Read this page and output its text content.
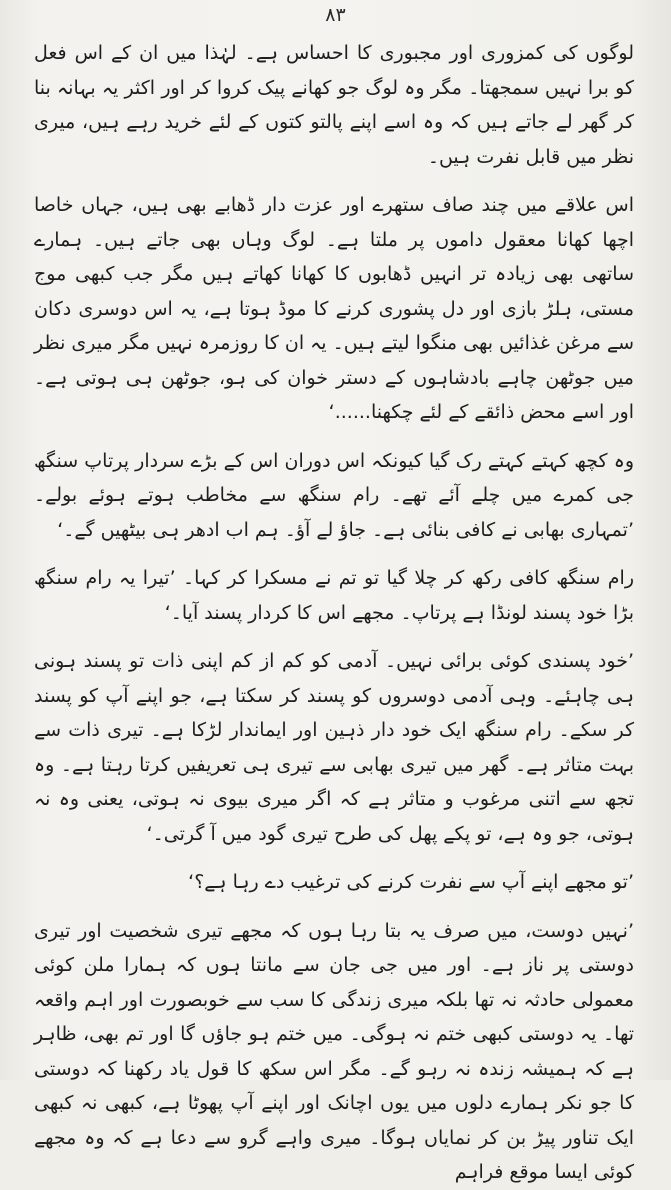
۸۳

لوگوں کی کمزوری اور مجبوری کا احساس ہے۔ لہٰذا میں ان کے اس فعل کو برا نہیں سمجھتا۔ مگر وہ لوگ جو کھانے پیک کروا کر اور اکثر یہ بہانہ بنا کر گھر لے جاتے ہیں کہ وہ اسے اپنے پالتو کتوں کے لئے خرید رہے ہیں، میری نظر میں قابل نفرت ہیں۔

اس علاقے میں چند صاف ستھرے اور عزت دار ڈھابے بھی ہیں، جہاں خاصا اچھا کھانا معقول داموں پر ملتا ہے۔ لوگ وہاں بھی جاتے ہیں۔ ہمارے ساتھی بھی زیادہ تر انہیں ڈھابوں کا کھانا کھاتے ہیں مگر جب کبھی موج مستی، ہلڑ بازی اور دل پشوری کرنے کا موڈ ہوتا ہے، یہ اس دوسری دکان سے مرغن غذائیں بھی منگوا لیتے ہیں۔ یہ ان کا روزمرہ نہیں مگر میری نظر میں جوٹھن چاہے بادشاہوں کے دستر خوان کی ہو، جوٹھن ہی ہوتی ہے۔ اور اسے محض ذائقے کے لئے چکھنا......‘

وہ کچھ کہتے کہتے رک گیا کیونکہ اس دوران اس کے بڑے سردار پرتاپ سنگھ جی کمرے میں چلے آئے تھے۔ رام سنگھ سے مخاطب ہوتے ہوئے بولے۔ ’تمہاری بھابی نے کافی بنائی ہے۔ جاؤ لے آؤ۔ ہم اب ادھر ہی بیٹھیں گے۔‘

رام سنگھ کافی رکھ کر چلا گیا تو تم نے مسکرا کر کہا۔ ’تیرا یہ رام سنگھ بڑا خود پسند لونڈا ہے پرتاپ۔ مجھے اس کا کردار پسند آیا۔‘

’خود پسندی کوئی برائی نہیں۔ آدمی کو کم از کم اپنی ذات تو پسند ہونی ہی چاہئے۔ وہی آدمی دوسروں کو پسند کر سکتا ہے، جو اپنے آپ کو پسند کر سکے۔ رام سنگھ ایک خود دار ذہین اور ایماندار لڑکا ہے۔ تیری ذات سے بہت متاثر ہے۔ گھر میں تیری بھابی سے تیری ہی تعریفیں کرتا رہتا ہے۔ وہ تجھ سے اتنی مرغوب و متاثر ہے کہ اگر میری بیوی نہ ہوتی، یعنی وہ نہ ہوتی، جو وہ ہے، تو پکے پھل کی طرح تیری گود میں آ گرتی۔‘

’تو مجھے اپنے آپ سے نفرت کرنے کی ترغیب دے رہا ہے؟‘

’نہیں دوست، میں صرف یہ بتا رہا ہوں کہ مجھے تیری شخصیت اور تیری دوستی پر ناز ہے۔ اور میں جی جان سے مانتا ہوں کہ ہمارا ملن کوئی معمولی حادثہ نہ تھا بلکہ میری زندگی کا سب سے خوبصورت اور اہم واقعہ تھا۔ یہ دوستی کبھی ختم نہ ہوگی۔ میں ختم ہو جاؤں گا اور تم بھی، ظاہر ہے کہ ہمیشہ زندہ نہ رہو گے۔ مگر اس سکھ کا قول یاد رکھنا کہ دوستی کا جو نکر ہمارے دلوں میں یوں اچانک اور اپنے آپ پھوٹا ہے، کبھی نہ کبھی ایک تناور پیڑ بن کر نمایاں ہوگا۔ میری واہے گرو سے دعا ہے کہ وہ مجھے کوئی ایسا موقع فراہم
